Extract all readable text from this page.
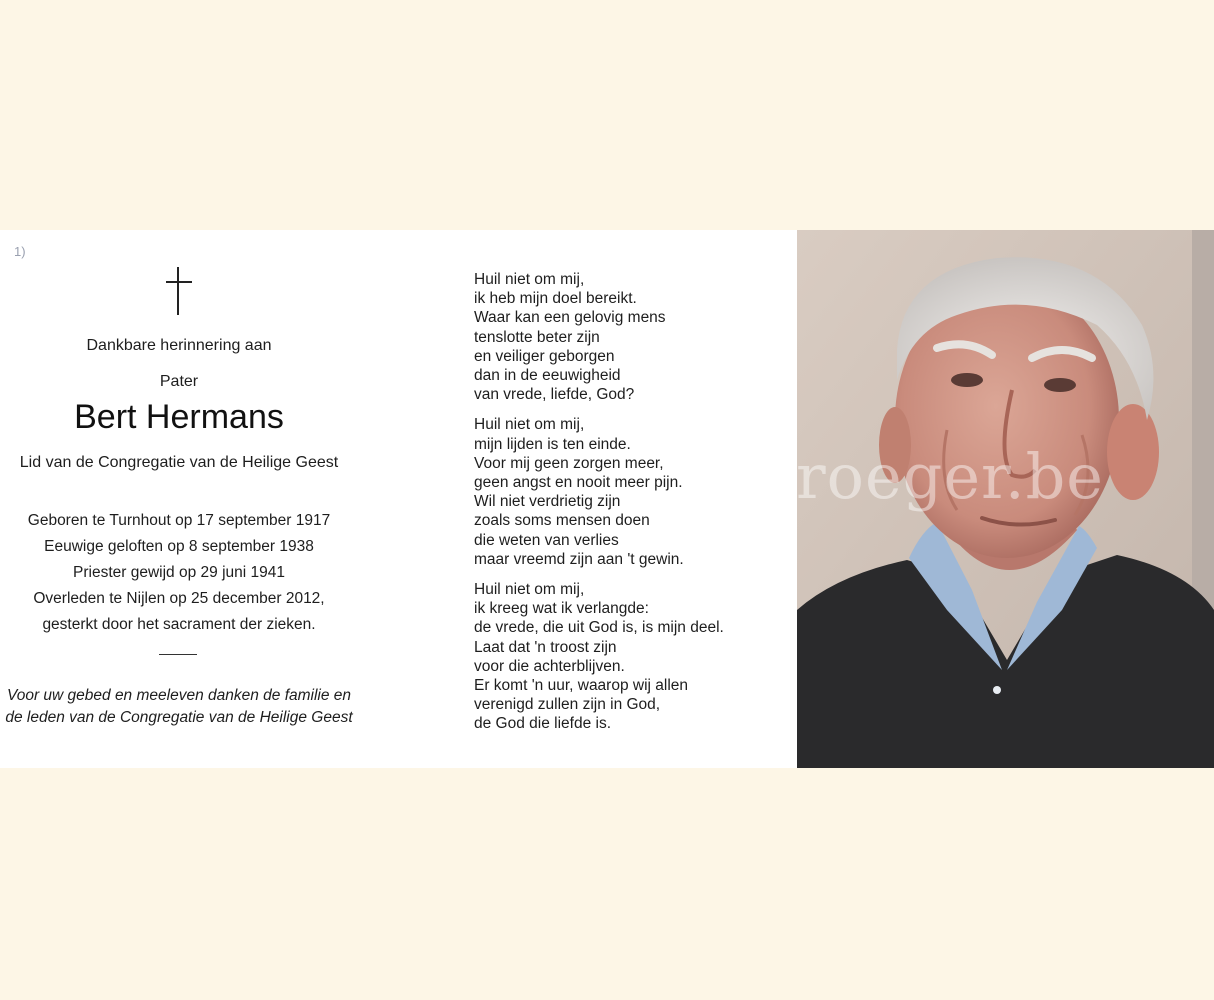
1)
Dankbare herinnering aan
Pater
Bert Hermans
Lid van de Congregatie van de Heilige Geest
Geboren te Turnhout op 17 september 1917
Eeuwige geloften op 8 september 1938
Priester gewijd op 29 juni 1941
Overleden te Nijlen op 25 december 2012,
gesterkt door het sacrament der zieken.
Voor uw gebed en meeleven danken de familie en
de leden van de Congregatie van de Heilige Geest
Huil niet om mij,
ik heb mijn doel bereikt.
Waar kan een gelovig mens
tenslotte beter zijn
en veiliger geborgen
dan in de eeuwigheid
van vrede, liefde, God?
Huil niet om mij,
mijn lijden is ten einde.
Voor mij geen zorgen meer,
geen angst en nooit meer pijn.
Wil niet verdrietig zijn
zoals soms mensen doen
die weten van verlies
maar vreemd zijn aan 't gewin.
Huil niet om mij,
ik kreeg wat ik verlangde:
de vrede, die uit God is, is mijn deel.
Laat dat 'n troost zijn
voor die achterblijven.
Er komt 'n uur, waarop wij allen
verenigd zullen zijn in God,
de God die liefde is.
roeger.be
